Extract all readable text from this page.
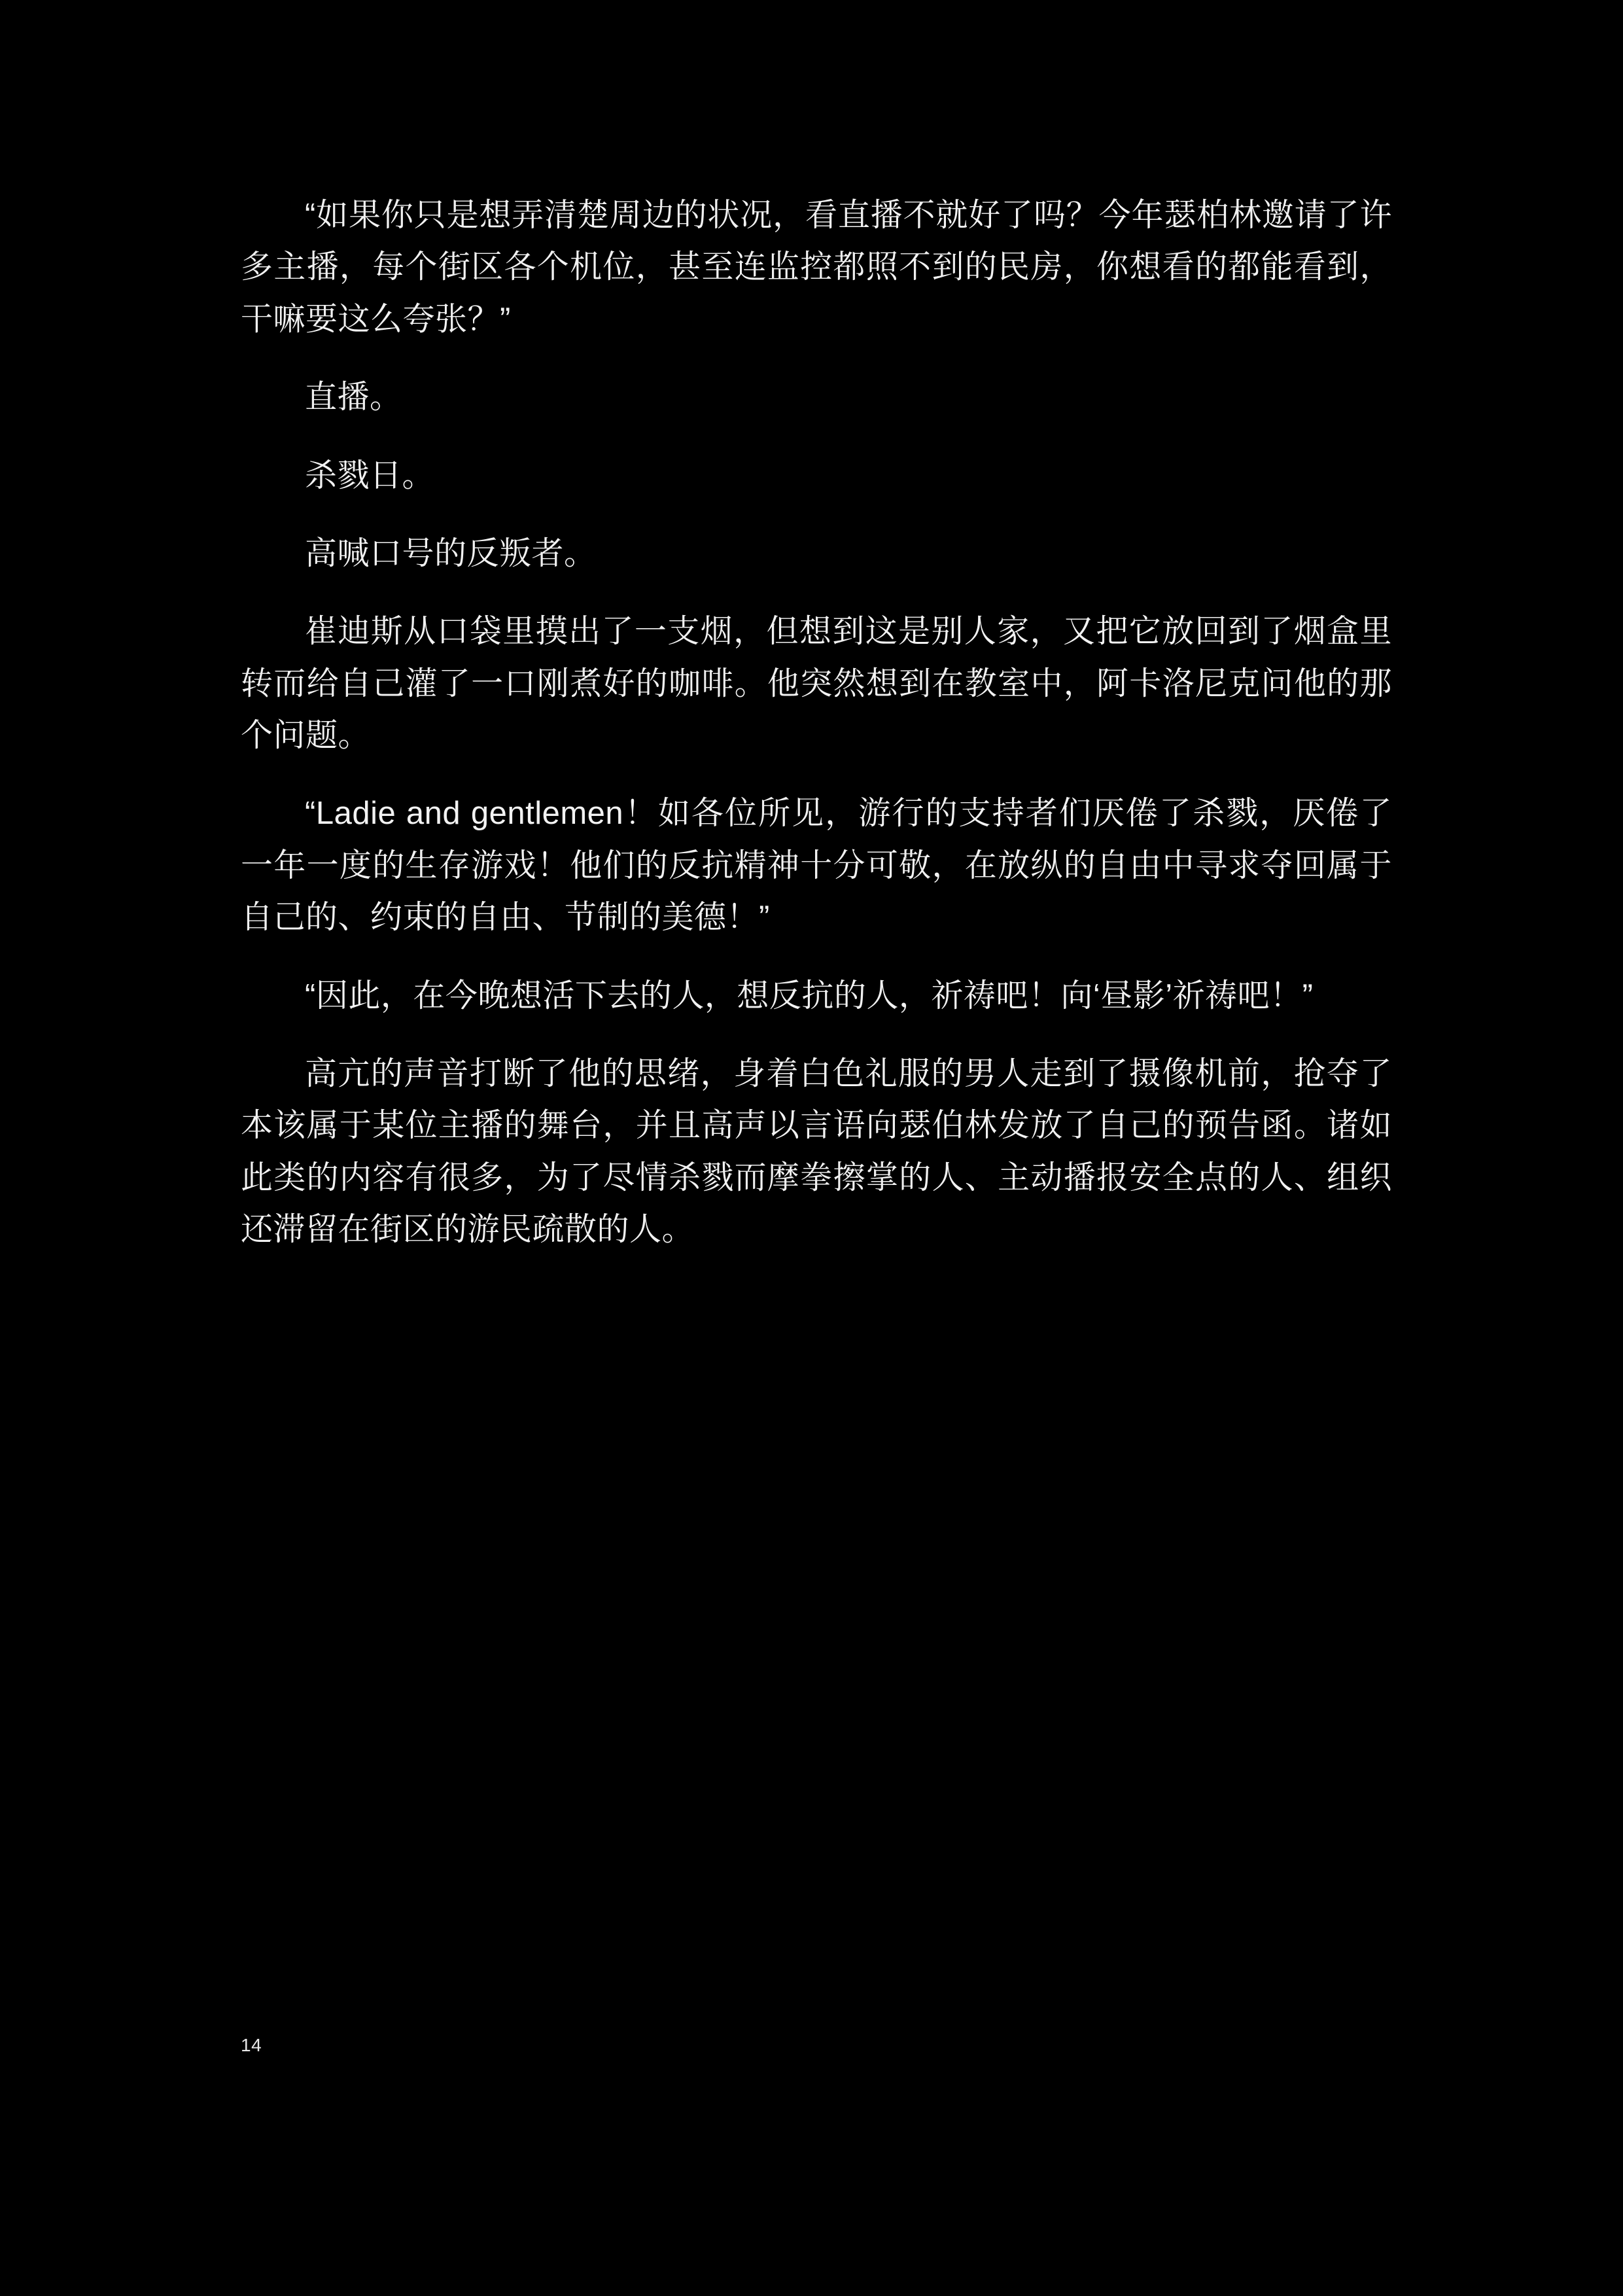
“如果你只是想弄清楚周边的状况，看直播不就好了吗？今年瑟柏林邀请了许多主播，每个街区各个机位，甚至连监控都照不到的民房，你想看的都能看到，干嘛要这么夸张？”

直播。

杀戮日。

高喊口号的反叛者。

崔迪斯从口袋里摸出了一支烟，但想到这是别人家，又把它放回到了烟盒里转而给自己灌了一口刚煮好的咖啡。他突然想到在教室中，阿卡洛尼克问他的那个问题。

“Ladie and gentlemen！如各位所见，游行的支持者们厌倦了杀戮，厌倦了一年一度的生存游戏！他们的反抗精神十分可敬，在放纵的自由中寻求夺回属于自己的、约束的自由、节制的美德！”

“因此，在今晚想活下去的人，想反抗的人，祈祷吧！向‘昼影’祈祷吧！”

高亢的声音打断了他的思绪，身着白色礼服的男人走到了摄像机前，抢夺了本该属于某位主播的舞台，并且高声以言语向瑟伯林发放了自己的预告函。诸如此类的内容有很多，为了尽情杀戮而摩拳擦掌的人、主动播报安全点的人、组织还滞留在街区的游民疏散的人。

14
